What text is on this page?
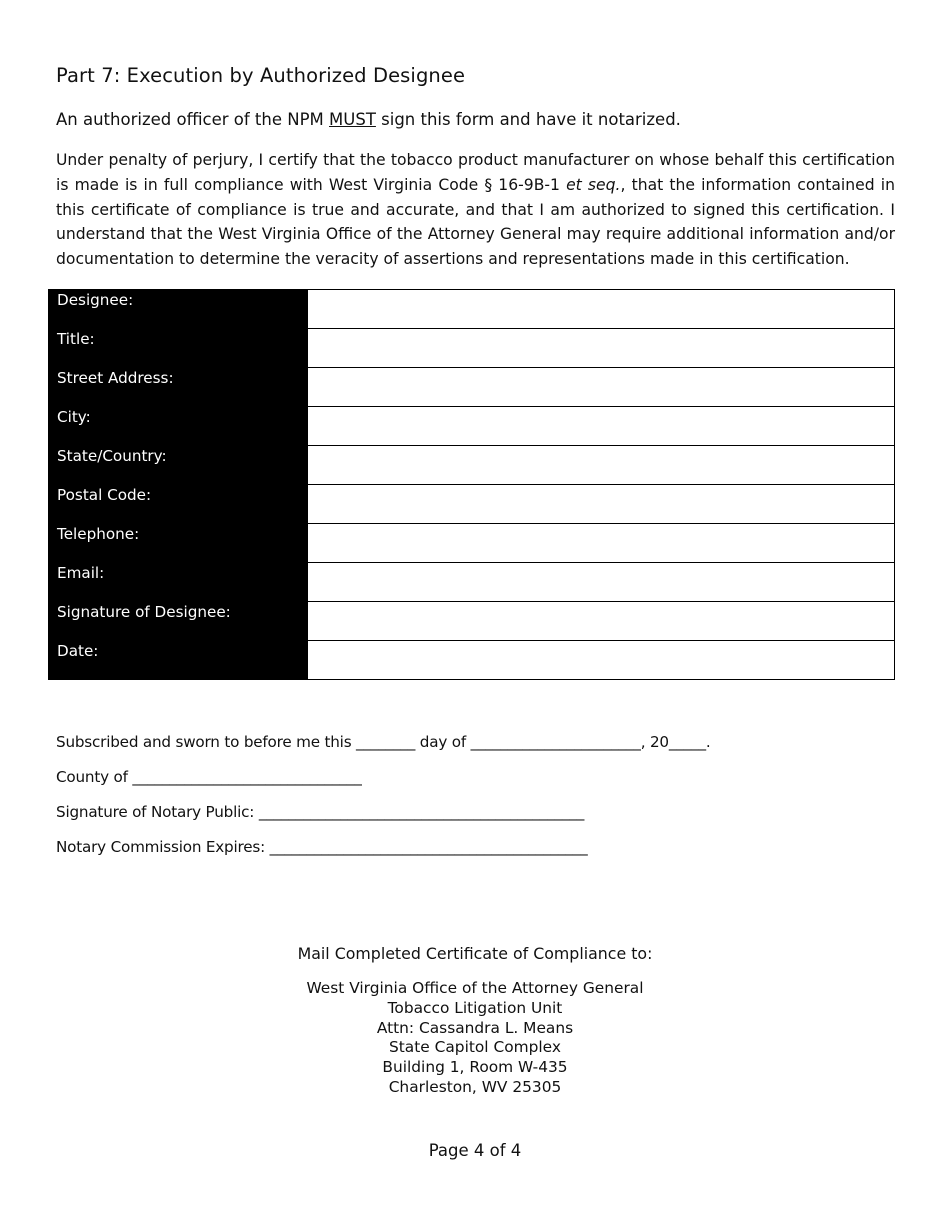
Part 7: Execution by Authorized Designee
An authorized officer of the NPM MUST sign this form and have it notarized.
Under penalty of perjury, I certify that the tobacco product manufacturer on whose behalf this certification is made is in full compliance with West Virginia Code § 16-9B-1 et seq., that the information contained in this certificate of compliance is true and accurate, and that I am authorized to signed this certification. I understand that the West Virginia Office of the Attorney General may require additional information and/or documentation to determine the veracity of assertions and representations made in this certification.
Designee:	
Title:	
Street Address:	
City:	
State/Country:	
Postal Code:	
Telephone:	
Email:	
Signature of Designee:	
Date:	
Subscribed and sworn to before me this ________ day of _______________________, 20_____.
County of _______________________________
Signature of Notary Public: ____________________________________________
Notary Commission Expires: ___________________________________________
Mail Completed Certificate of Compliance to:
West Virginia Office of the Attorney General
Tobacco Litigation Unit
Attn: Cassandra L. Means
State Capitol Complex
Building 1, Room W-435
Charleston, WV 25305
Page 4 of 4
